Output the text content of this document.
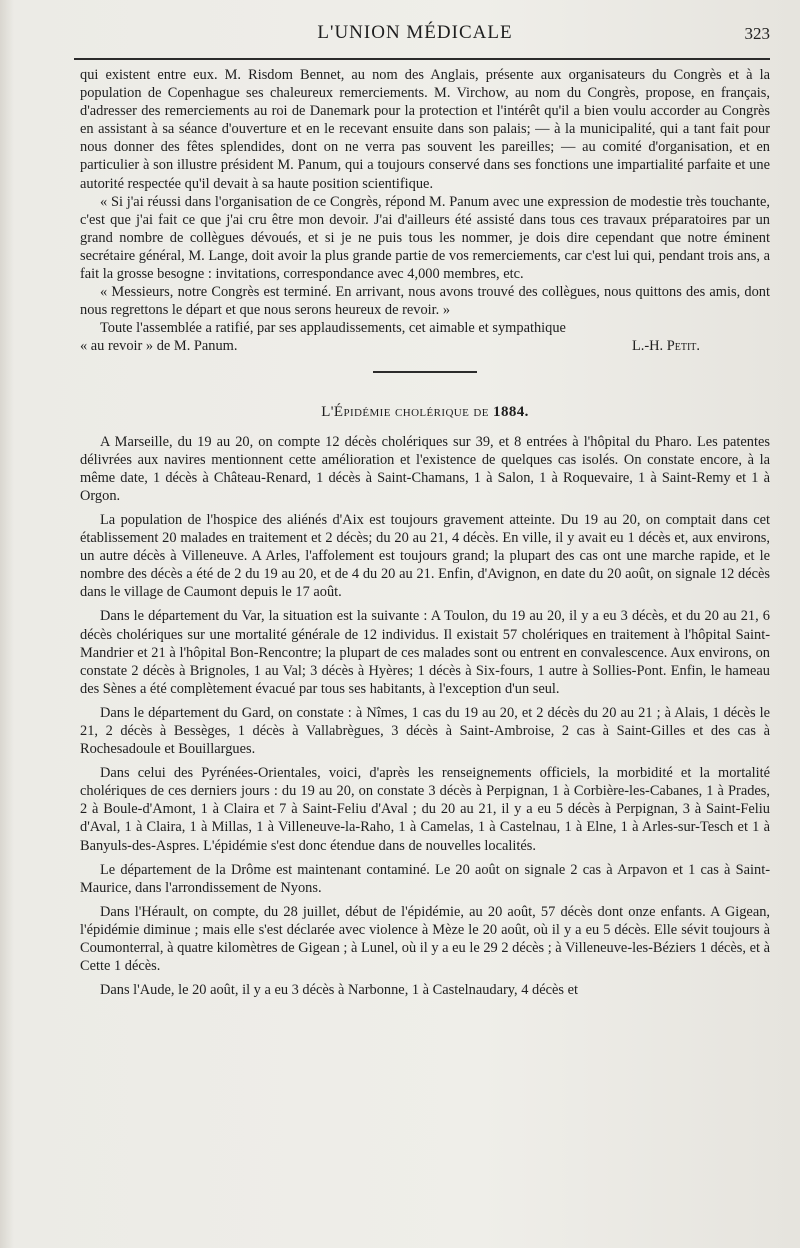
L'UNION MÉDICALE	323

qui existent entre eux. M. Risdom Bennet, au nom des Anglais, présente aux organisateurs du Congrès et à la population de Copenhague ses chaleureux remerciements. M. Virchow, au nom du Congrès, propose, en français, d'adresser des remerciements au roi de Danemark pour la protection et l'intérêt qu'il a bien voulu accorder au Congrès en assistant à sa séance d'ouverture et en le recevant ensuite dans son palais; — à la municipalité, qui a tant fait pour nous donner des fêtes splendides, dont on ne verra pas souvent les pareilles; — au comité d'organisation, et en particulier à son illustre président M. Panum, qui a toujours conservé dans ses fonctions une impartialité parfaite et une autorité respectée qu'il devait à sa haute position scientifique.

« Si j'ai réussi dans l'organisation de ce Congrès, répond M. Panum avec une expression de modestie très touchante, c'est que j'ai fait ce que j'ai cru être mon devoir. J'ai d'ailleurs été assisté dans tous ces travaux préparatoires par un grand nombre de collègues dévoués, et si je ne puis tous les nommer, je dois dire cependant que notre éminent secrétaire général, M. Lange, doit avoir la plus grande partie de vos remerciements, car c'est lui qui, pendant trois ans, a fait la grosse besogne : invitations, correspondance avec 4,000 membres, etc.

« Messieurs, notre Congrès est terminé. En arrivant, nous avons trouvé des collègues, nous quittons des amis, dont nous regrettons le départ et que nous serons heureux de revoir. »

Toute l'assemblée a ratifié, par ses applaudissements, cet aimable et sympathique

« au revoir » de M. Panum.	L.-H. Petit.

L'Épidémie cholérique de 1884.

A Marseille, du 19 au 20, on compte 12 décès cholériques sur 39, et 8 entrées à l'hôpital du Pharo. Les patentes délivrées aux navires mentionnent cette amélioration et l'existence de quelques cas isolés. On constate encore, à la même date, 1 décès à Château-Renard, 1 décès à Saint-Chamans, 1 à Salon, 1 à Roquevaire, 1 à Saint-Remy et 1 à Orgon.

La population de l'hospice des aliénés d'Aix est toujours gravement atteinte. Du 19 au 20, on comptait dans cet établissement 20 malades en traitement et 2 décès; du 20 au 21, 4 décès. En ville, il y avait eu 1 décès et, aux environs, un autre décès à Villeneuve. A Arles, l'affolement est toujours grand; la plupart des cas ont une marche rapide, et le nombre des décès a été de 2 du 19 au 20, et de 4 du 20 au 21. Enfin, d'Avignon, en date du 20 août, on signale 12 décès dans le village de Caumont depuis le 17 août.

Dans le département du Var, la situation est la suivante : A Toulon, du 19 au 20, il y a eu 3 décès, et du 20 au 21, 6 décès cholériques sur une mortalité générale de 12 individus. Il existait 57 cholériques en traitement à l'hôpital Saint-Mandrier et 21 à l'hôpital Bon-Rencontre; la plupart de ces malades sont ou entrent en convalescence. Aux environs, on constate 2 décès à Brignoles, 1 au Val; 3 décès à Hyères; 1 décès à Six-fours, 1 autre à Sollies-Pont. Enfin, le hameau des Sènes a été complètement évacué par tous ses habitants, à l'exception d'un seul.

Dans le département du Gard, on constate : à Nîmes, 1 cas du 19 au 20, et 2 décès du 20 au 21 ; à Alais, 1 décès le 21, 2 décès à Bessèges, 1 décès à Vallabrègues, 3 décès à Saint-Ambroise, 2 cas à Saint-Gilles et des cas à Rochesadoule et Bouillargues.

Dans celui des Pyrénées-Orientales, voici, d'après les renseignements officiels, la morbidité et la mortalité cholériques de ces derniers jours : du 19 au 20, on constate 3 décès à Perpignan, 1 à Corbière-les-Cabanes, 1 à Prades, 2 à Boule-d'Amont, 1 à Claira et 7 à Saint-Feliu d'Aval ; du 20 au 21, il y a eu 5 décès à Perpignan, 3 à Saint-Feliu d'Aval, 1 à Claira, 1 à Millas, 1 à Villeneuve-la-Raho, 1 à Camelas, 1 à Castelnau, 1 à Elne, 1 à Arles-sur-Tesch et 1 à Banyuls-des-Aspres. L'épidémie s'est donc étendue dans de nouvelles localités.

Le département de la Drôme est maintenant contaminé. Le 20 août on signale 2 cas à Arpavon et 1 cas à Saint-Maurice, dans l'arrondissement de Nyons.

Dans l'Hérault, on compte, du 28 juillet, début de l'épidémie, au 20 août, 57 décès dont onze enfants. A Gigean, l'épidémie diminue ; mais elle s'est déclarée avec violence à Mèze le 20 août, où il y a eu 5 décès. Elle sévit toujours à Coumonterral, à quatre kilomètres de Gigean ; à Lunel, où il y a eu le 29 2 décès ; à Villeneuve-les-Béziers 1 décès, et à Cette 1 décès.

Dans l'Aude, le 20 août, il y a eu 3 décès à Narbonne, 1 à Castelnaudary, 4 décès et
